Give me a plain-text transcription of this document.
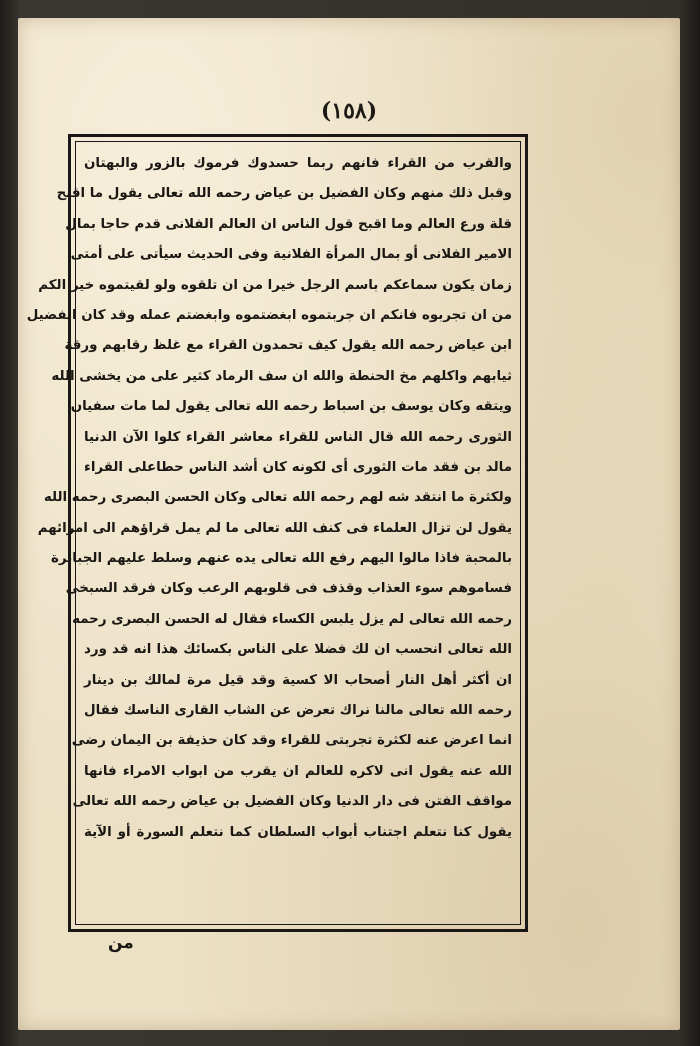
(١٥٨)
والقرب من القراء فانهم ربما حسدوك فرموك بالزور والبهتان
وقبل ذلك منهم وكان الفضيل بن عياض رحمه الله تعالى يقول ما اقبح
قلة ورع العالم وما اقبح قول الناس ان العالم الفلانى قدم حاجا بمال
الامير الفلانى أو بمال المرأة الفلانية وفى الحديث سيأتى على أمتى
زمان يكون سماعكم باسم الرجل خيرا من ان تلقوه ولو لقيتموه خير الكم
من ان تجربوه فانكم ان جربتموه ابغضتموه وابغضتم عمله وقد كان الفضيل
ابن عياض رحمه الله يقول كيف تحمدون القراء مع غلظ رقابهم ورقة
ثيابهم واكلهم مخ الحنطة والله ان سف الرماد كثير على من يخشى الله
ويتقه وكان يوسف بن اسباط رحمه الله تعالى يقول لما مات سفيان
الثورى رحمه الله قال الناس للقراء معاشر القراء كلوا الآن الدنيا
مالد بن فقد مات الثورى أى لكونه كان أشد الناس حطاعلى القراء
ولكثرة ما انتقد شه لهم رحمه الله تعالى وكان الحسن البصرى رحمه الله
يقول لن تزال العلماء فى كنف الله تعالى ما لم يمل قراؤهم الى امرائهم
بالمحبة فاذا مالوا اليهم رفع الله تعالى يده عنهم وسلط عليهم الجبابرة
فساموهم سوء العذاب وقذف فى قلوبهم الرعب وكان فرقد السبخى
رحمه الله تعالى لم يزل يلبس الكساء فقال له الحسن البصرى رحمه
الله تعالى انحسب ان لك فضلا على الناس بكسائك هذا انه قد ورد
ان أكثر أهل النار أصحاب الا كسية وقد قيل مرة لمالك بن دينار
رحمه الله تعالى مالنا نراك تعرض عن الشاب القارى الناسك فقال
انما اعرض عنه لكثرة تجربتى للقراء وقد كان حذيفة بن اليمان رضى
الله عنه يقول انى لاكره للعالم ان يقرب من ابواب الامراء فانها
مواقف الفتن فى دار الدنيا وكان الفضيل بن عياض رحمه الله تعالى
يقول كنا نتعلم اجتناب أبواب السلطان كما نتعلم السورة أو الآية
من
